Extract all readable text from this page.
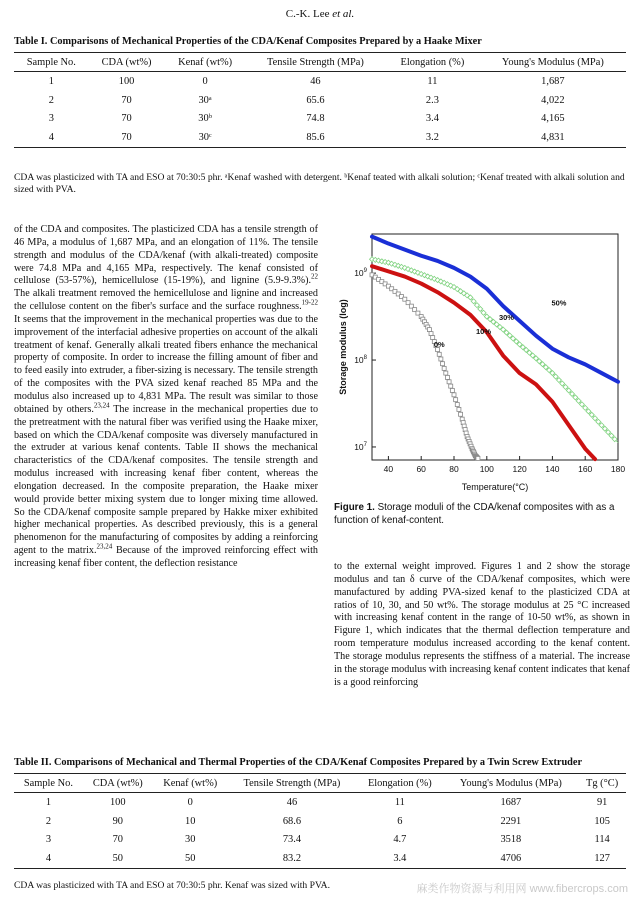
C.-K. Lee et al.
Table I. Comparisons of Mechanical Properties of the CDA/Kenaf Composites Prepared by a Haake Mixer
Sample No.	CDA (wt%)	Kenaf (wt%)	Tensile Strength (MPa)	Elongation (%)	Young's Modulus (MPa)
1	100	0	46	11	1,687
2	70	30ᵃ	65.6	2.3	4,022
3	70	30ᵇ	74.8	3.4	4,165
4	70	30ᶜ	85.6	3.2	4,831
CDA was plasticized with TA and ESO at 70:30:5 phr. ᵃKenaf washed with detergent. ᵇKenaf teated with alkali solution; ᶜKenaf treated with alkali solution and sized with PVA.
of the CDA and composites. The plasticized CDA has a tensile strength of 46 MPa, a modulus of 1,687 MPa, and an elongation of 11%. The tensile strength and modulus of the CDA/kenaf (with alkali-treated) composite were 74.8 MPa and 4,165 MPa, respectively. The kenaf consisted of cellulose (53-57%), hemicellulose (15-19%), and lignine (5.9-9.3%).$^{22}$ The alkali treatment removed the hemicellulose and lignine and increased the cellulose content on the fiber's surface and the surface roughness.$^{19-22}$ It seems that the improvement in the mechanical properties was due to the improvement of the interfacial adhesive properties on account of the alkali treatment of kenaf. Generally alkali treated fibers enhance the mechanical property of composite. In order to increase the filling amount of fiber and to feed easily into extruder, a fiber-sizing is necessary. The tensile strength of the composites with the PVA sized kenaf reached 85 MPa and the modulus also increased up to 4,831 MPa. The result was similar to those obtained by others.$^{23,24}$ The increase in the mechanical properties due to the pretreatment with the natural fiber was verified using the Haake mixer, based on which the CDA/kenaf composite was diversely manufactured in the extruder at various kenaf contents. Table II shows the mechanical characteristics of the CDA/kenaf composites. The tensile strength and modulus increased with increasing kenaf fiber content, whereas the elongation decreased. In the composite preparation, the Haake mixer would provide better mixing system due to longer mixing time allowed. So the CDA/kenaf composite sample prepared by Hakke mixer exhibited higher mechanical properties. As described previously, this is a general phenomenon for the manufacturing of composites by adding a reinforcing agent to the matrix.$^{23,24}$ Because of the improved reinforcing effect with increasing kenaf fiber content, the deflection resistance
40	60	80 100 120 140 160 180
$10^9$
$10^8$
$10^7$
Temperature(°C)
Storage modulus (log)	50%
30%
10%
0%
Figure 1. Storage moduli of the CDA/kenaf composites with as a function of kenaf-content.
to the external weight improved. Figures 1 and 2 show the storage modulus and tan δ curve of the CDA/kenaf composites, which were manufactured by adding PVA-sized kenaf to the plasticized CDA at ratios of 10, 30, and 50 wt%. The storage modulus at 25 °C increased with increasing kenaf content in the range of 10-50 wt%, as shown in Figure 1, which indicates that the thermal deflection temperature and room temperature modulus increased according to the kenaf content. The storage modulus represents the stiffness of a material. The increase in the storage modulus with increasing kenaf content indicates that kenaf is a good reinforcing
Table II. Comparisons of Mechanical and Thermal Properties of the CDA/Kenaf Composites Prepared by a Twin Screw Extruder
Sample No.	CDA (wt%)	Kenaf (wt%)	Tensile Strength (MPa)	Elongation (%)	Young's Modulus (MPa)	Tg (°C)
1	100	0	46	11	1687	91
2	90	10	68.6	6	2291	105
3	70	30	73.4	4.7	3518	114
4	50	50	83.2	3.4	4706	127
CDA was plasticized with TA and ESO at 70:30:5 phr. Kenaf was sized with PVA.	麻类作物资源与利用网 www.fibercrops.com
